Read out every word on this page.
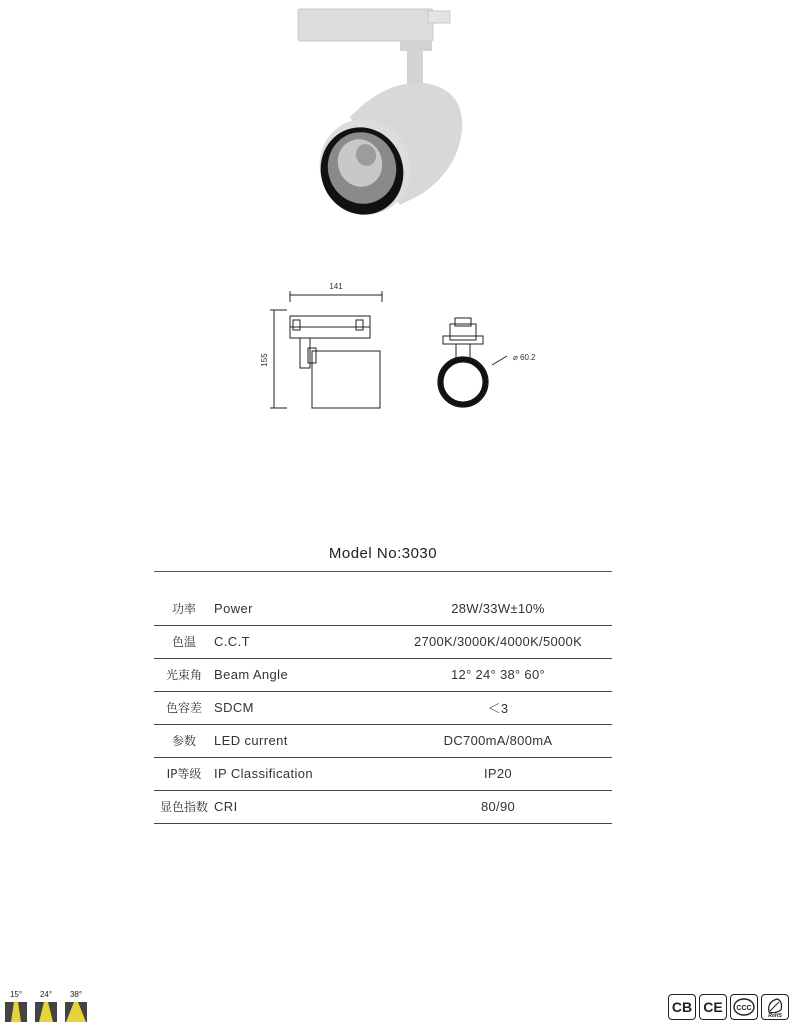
141
155	⌀ 60.2
Model No:3030
功率	Power	28W/33W±10%
色温	C.C.T	2700K/3000K/4000K/5000K
光束角	Beam Angle	12° 24° 38° 60°
色容差	SDCM	＜3
参数	LED current	DC700mA/800mA
IP等级	IP Classification	IP20
显色指数	CRI	80/90
15°	24°	38°
CB CE	CCC
RoHS
